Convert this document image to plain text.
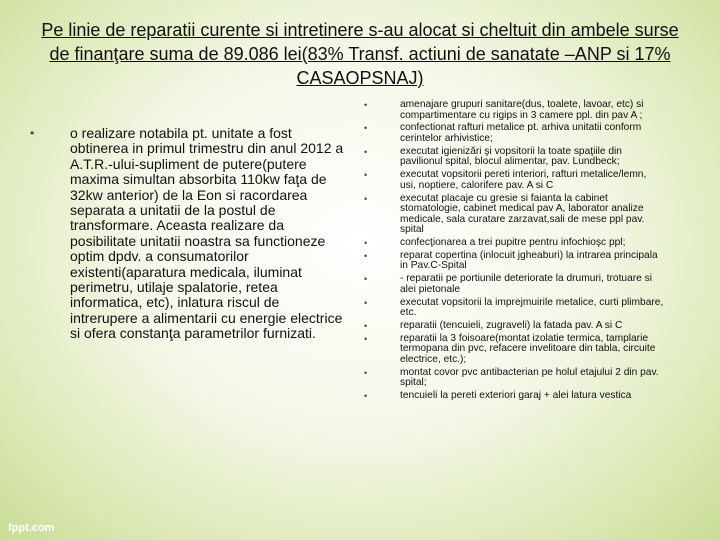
Pe linie de reparatii curente si intretinere s-au alocat si cheltuit din ambele surse de finanţare suma de 89.086 lei(83% Transf. actiuni de sanatate –ANP si 17% CASAOPSNAJ)
•	o realizare notabila pt. unitate a fost obtinerea in primul trimestru din anul 2012 a A.T.R.-ului-supliment de putere(putere maxima simultan absorbita 110kw faţa de 32kw anterior) de la Eon si racordarea separata a unitatii de la postul de transformare. Aceasta realizare da posibilitate unitatii noastra sa functioneze optim dpdv. a consumatorilor existenti(aparatura medicala, iluminat perimetru, utilaje spalatorie, retea informatica, etc), inlatura riscul de intrerupere a alimentarii cu energie electrice si ofera constanţa parametrilor furnizati.
•	amenajare grupuri sanitare(dus, toalete, lavoar, etc) si compartimentare cu rigips in 3 camere ppl. din pav A ;
•	confectionat rafturi metalice pt. arhiva unitatii conform cerintelor arhivistice;
•	executat igienizări şi vopsitorii la toate spaţiile din pavilionul spital, blocul alimentar, pav. Lundbeck;
•	executat vopsitorii pereti interiori, rafturi metalice/lemn, usi, noptiere, calorifere pav. A si C
•	executat placaje cu gresie si faianta la cabinet stomatologie, cabinet medical pav A, laborator analize medicale, sala curatare zarzavat,sali de mese ppl pav. spital
•	confecţionarea a trei pupitre pentru infochioşc ppl;
•	reparat copertina (inlocuit jgheaburi) la intrarea principala in Pav.C-Spital
•	- reparatii pe portiunile deteriorate la drumuri, trotuare si alei pietonale
•	executat vopsitorii la imprejmuirile metalice, curti plimbare, etc.
•	reparatii (tencuieli, zugraveli) la fatada pav. A si C
•	reparatii la 3 foisoare(montat izolatie termica, tamplarie termopana din pvc, refacere invelitoare din tabla, circuite electrice, etc.);
•	montat covor pvc antibacterian pe holul etajului 2 din pav. spital;
•	tencuieli la pereti exteriori garaj + alei latura vestica
fppt.com
